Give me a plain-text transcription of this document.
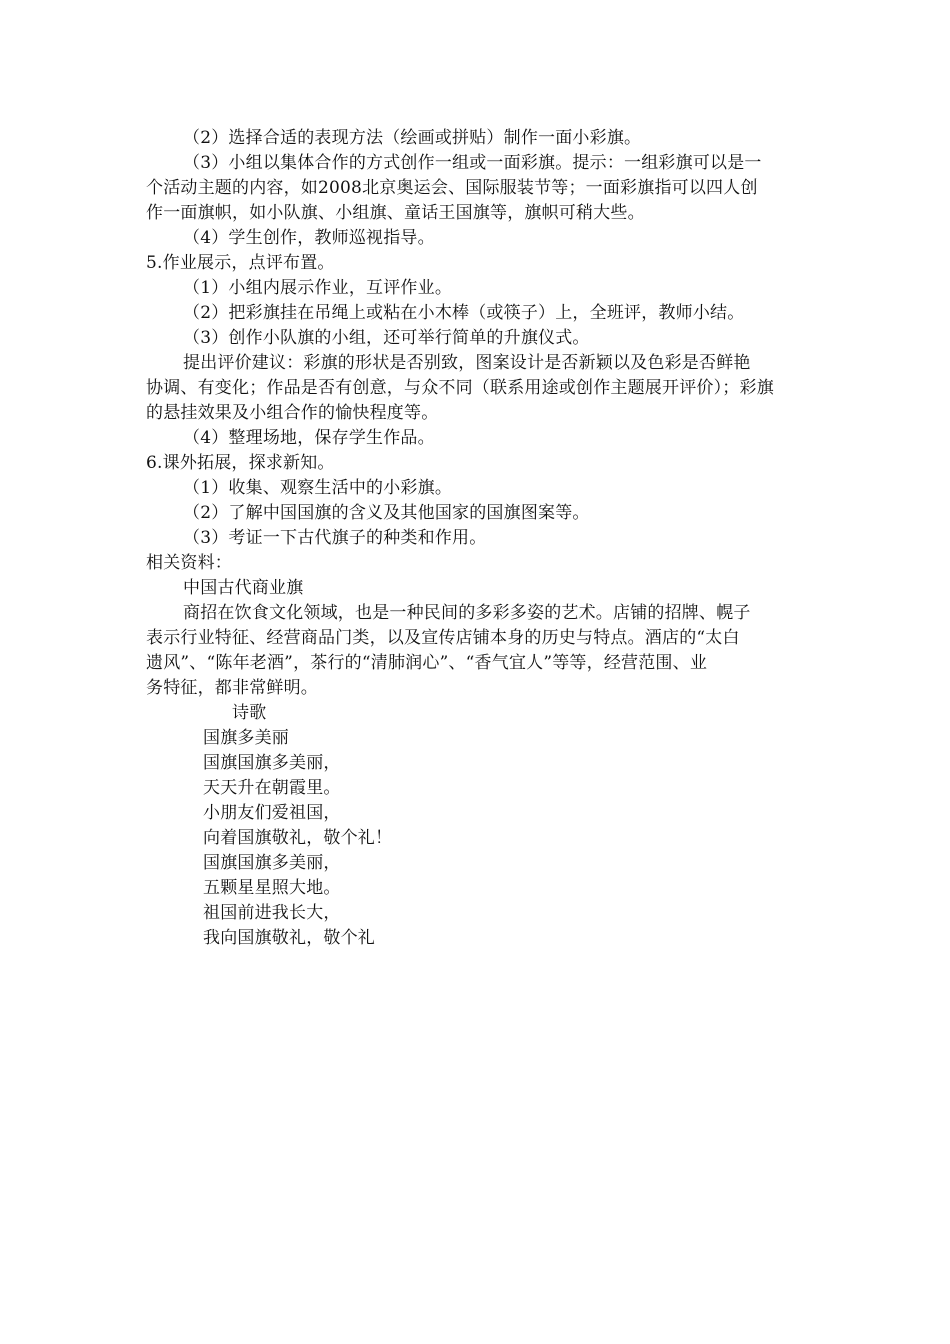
（2）选择合适的表现方法（绘画或拼贴）制作一面小彩旗。
（3）小组以集体合作的方式创作一组或一面彩旗。提示：一组彩旗可以是一
个活动主题的内容，如2008北京奥运会、国际服装节等；一面彩旗指可以四人创
作一面旗帜，如小队旗、小组旗、童话王国旗等，旗帜可稍大些。
（4）学生创作，教师巡视指导。
5.作业展示，点评布置。
（1）小组内展示作业，互评作业。
（2）把彩旗挂在吊绳上或粘在小木棒（或筷子）上，全班评，教师小结。
（3）创作小队旗的小组，还可举行简单的升旗仪式。
提出评价建议：彩旗的形状是否别致，图案设计是否新颖以及色彩是否鲜艳
协调、有变化；作品是否有创意，与众不同（联系用途或创作主题展开评价）；彩旗
的悬挂效果及小组合作的愉快程度等。
（4）整理场地，保存学生作品。
6.课外拓展，探求新知。
（1）收集、观察生活中的小彩旗。
（2）了解中国国旗的含义及其他国家的国旗图案等。
（3）考证一下古代旗子的种类和作用。
相关资料：
中国古代商业旗
商招在饮食文化领域，也是一种民间的多彩多姿的艺术。店铺的招牌、幌子
表示行业特征、经营商品门类，以及宣传店铺本身的历史与特点。酒店的“太白
遗风”、“陈年老酒”，茶行的“清肺润心”、“香气宜人”等等，经营范围、业
务特征，都非常鲜明。
诗歌
国旗多美丽
国旗国旗多美丽，
天天升在朝霞里。
小朋友们爱祖国，
向着国旗敬礼，敬个礼！
国旗国旗多美丽，
五颗星星照大地。
祖国前进我长大，
我向国旗敬礼，敬个礼
